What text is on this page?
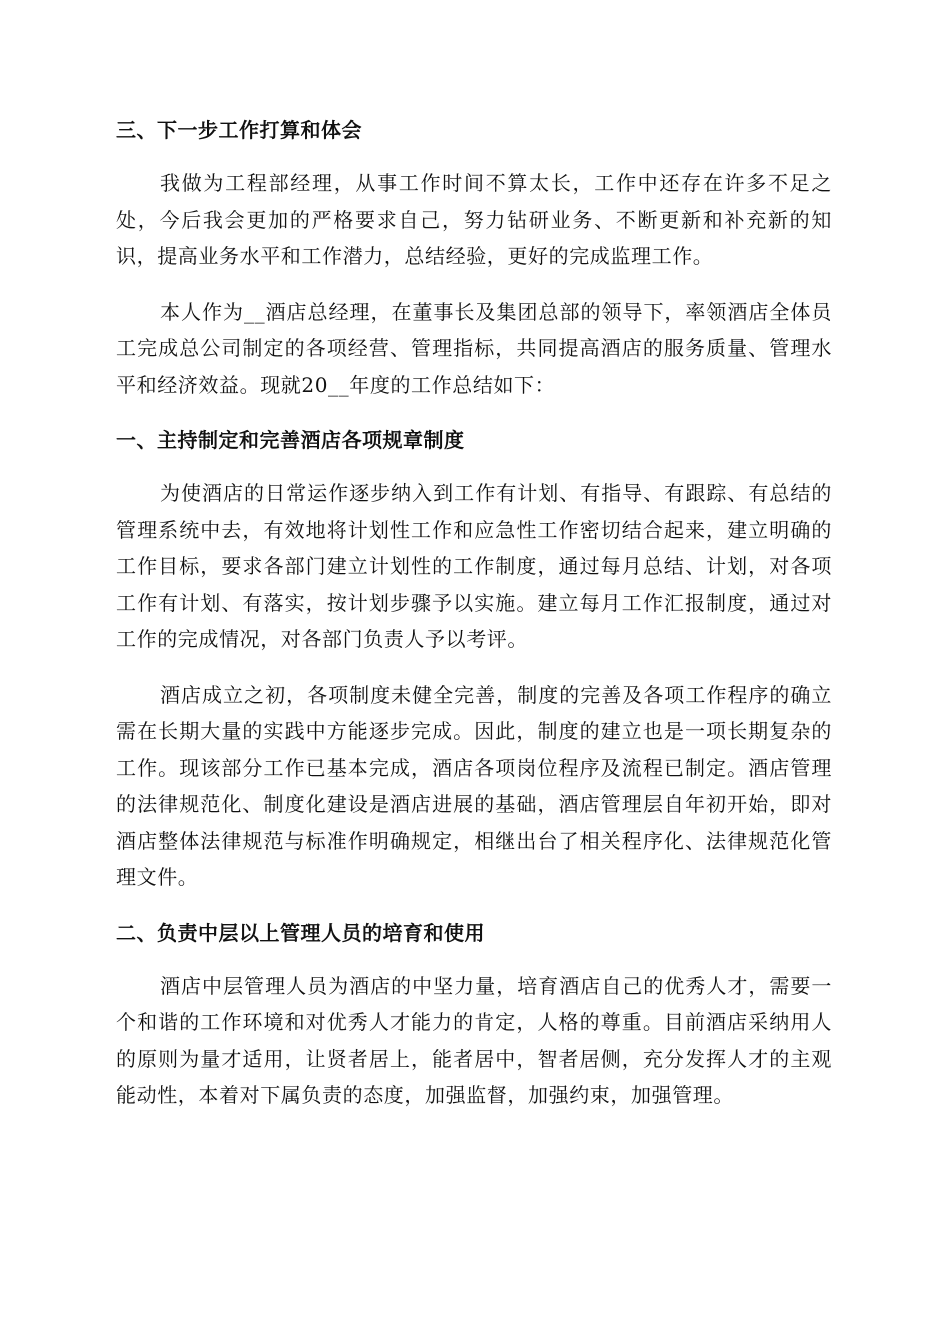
三、下一步工作打算和体会

我做为工程部经理，从事工作时间不算太长，工作中还存在许多不足之处，今后我会更加的严格要求自己，努力钻研业务、不断更新和补充新的知识，提高业务水平和工作潜力，总结经验，更好的完成监理工作。

本人作为__酒店总经理，在董事长及集团总部的领导下，率领酒店全体员工完成总公司制定的各项经营、管理指标，共同提高酒店的服务质量、管理水平和经济效益。现就20__年度的工作总结如下：

一、主持制定和完善酒店各项规章制度

为使酒店的日常运作逐步纳入到工作有计划、有指导、有跟踪、有总结的管理系统中去，有效地将计划性工作和应急性工作密切结合起来，建立明确的工作目标，要求各部门建立计划性的工作制度，通过每月总结、计划，对各项工作有计划、有落实，按计划步骤予以实施。建立每月工作汇报制度，通过对工作的完成情况，对各部门负责人予以考评。

酒店成立之初，各项制度未健全完善，制度的完善及各项工作程序的确立需在长期大量的实践中方能逐步完成。因此，制度的建立也是一项长期复杂的工作。现该部分工作已基本完成，酒店各项岗位程序及流程已制定。酒店管理的法律规范化、制度化建设是酒店进展的基础，酒店管理层自年初开始，即对酒店整体法律规范与标准作明确规定，相继出台了相关程序化、法律规范化管理文件。

二、负责中层以上管理人员的培育和使用

酒店中层管理人员为酒店的中坚力量，培育酒店自己的优秀人才，需要一个和谐的工作环境和对优秀人才能力的肯定，人格的尊重。目前酒店采纳用人的原则为量才适用，让贤者居上，能者居中，智者居侧，充分发挥人才的主观能动性，本着对下属负责的态度，加强监督，加强约束，加强管理。
